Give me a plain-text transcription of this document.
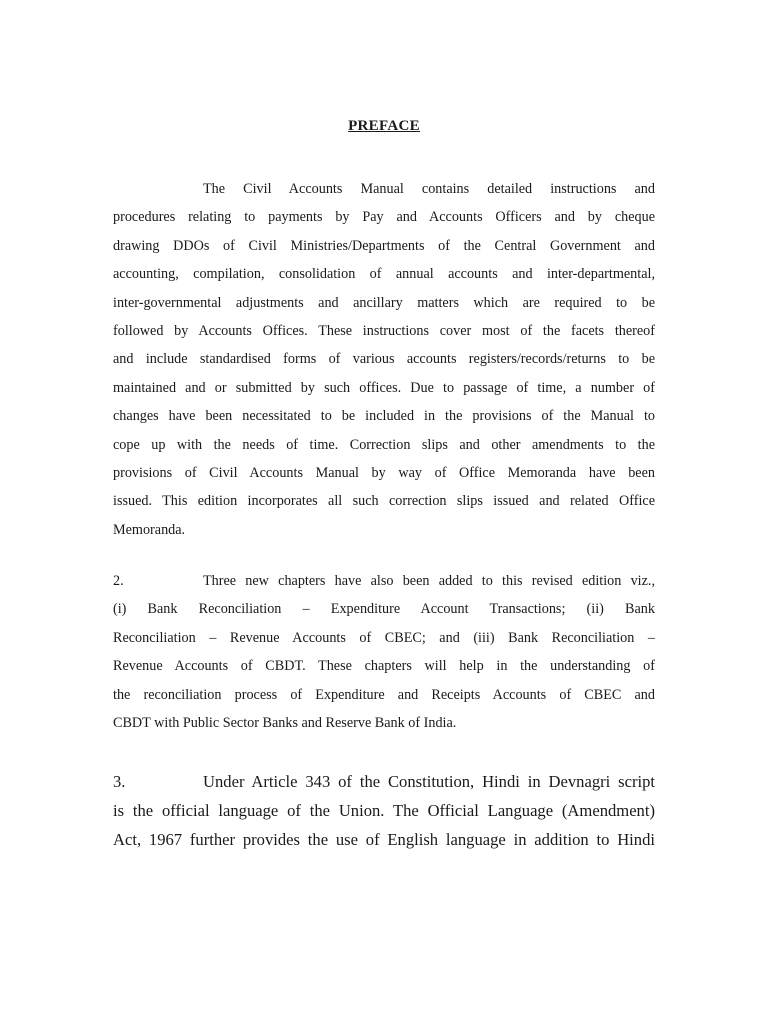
PREFACE
The Civil Accounts Manual contains detailed instructions and
procedures relating to payments by Pay and Accounts Officers and by cheque
drawing DDOs of Civil Ministries/Departments of the Central Government and
accounting, compilation, consolidation of annual accounts and inter-departmental,
inter-governmental adjustments and ancillary matters which are required to be
followed by Accounts Offices. These instructions cover most of the facets thereof
and include standardised forms of various accounts registers/records/returns to be
maintained and or submitted by such offices. Due to passage of time, a number of
changes have been necessitated to be included in the provisions of the Manual to
cope up with the needs of time. Correction slips and other amendments to the
provisions of Civil Accounts Manual by way of Office Memoranda have been
issued. This edition incorporates all such correction slips issued and related Office
Memoranda.
2.	Three new chapters have also been added to this revised edition viz.,
(i) Bank Reconciliation – Expenditure Account Transactions; (ii) Bank
Reconciliation – Revenue Accounts of CBEC; and (iii) Bank Reconciliation –
Revenue Accounts of CBDT. These chapters will help in the understanding of
the reconciliation process of Expenditure and Receipts Accounts of CBEC and
CBDT with Public Sector Banks and Reserve Bank of India.
3.	Under Article 343 of the Constitution, Hindi in Devnagri script
is the official language of the Union. The Official Language (Amendment)
Act, 1967 further provides the use of English language in addition to Hindi
